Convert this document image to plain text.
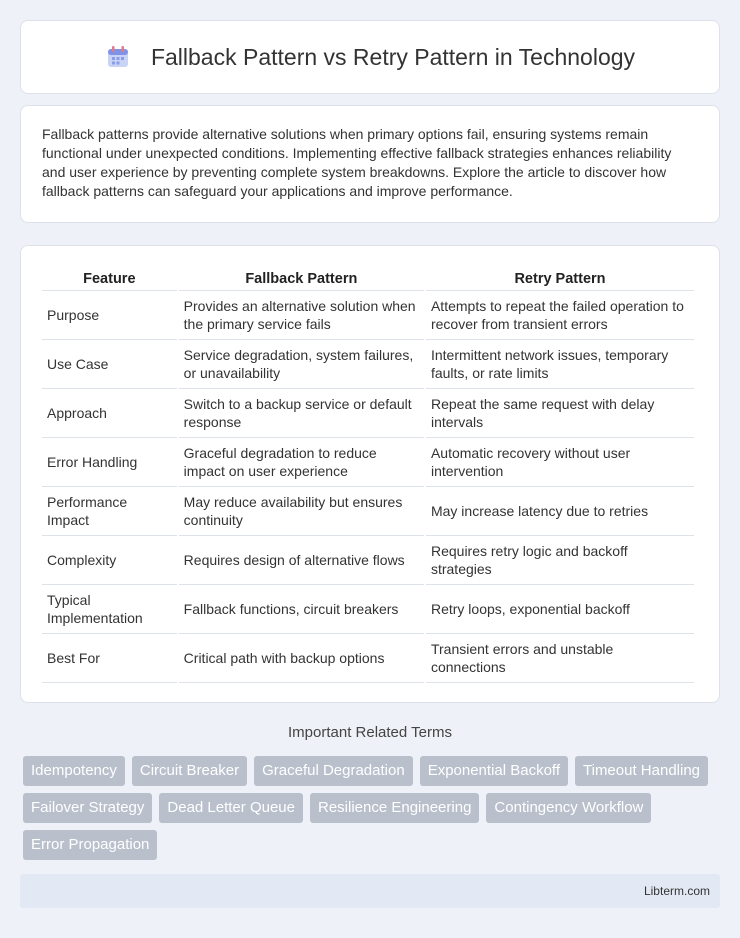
Fallback Pattern vs Retry Pattern in Technology

Fallback patterns provide alternative solutions when primary options fail, ensuring systems remain functional under unexpected conditions. Implementing effective fallback strategies enhances reliability and user experience by preventing complete system breakdowns. Explore the article to discover how fallback patterns can safeguard your applications and improve performance.

Feature	Fallback Pattern	Retry Pattern
Purpose	Provides an alternative solution when the primary service fails	Attempts to repeat the failed operation to recover from transient errors
Use Case	Service degradation, system failures, or unavailability	Intermittent network issues, temporary faults, or rate limits
Approach	Switch to a backup service or default response	Repeat the same request with delay intervals
Error Handling	Graceful degradation to reduce impact on user experience	Automatic recovery without user intervention
Performance Impact	May reduce availability but ensures continuity	May increase latency due to retries
Complexity	Requires design of alternative flows	Requires retry logic and backoff strategies
Typical Implementation	Fallback functions, circuit breakers	Retry loops, exponential backoff
Best For	Critical path with backup options	Transient errors and unstable connections
Important Related Terms
Idempotency	Circuit Breaker	Graceful Degradation	Exponential Backoff	Timeout Handling
Failover Strategy	Dead Letter Queue	Resilience Engineering	Contingency Workflow
Error Propagation
Libterm.com
